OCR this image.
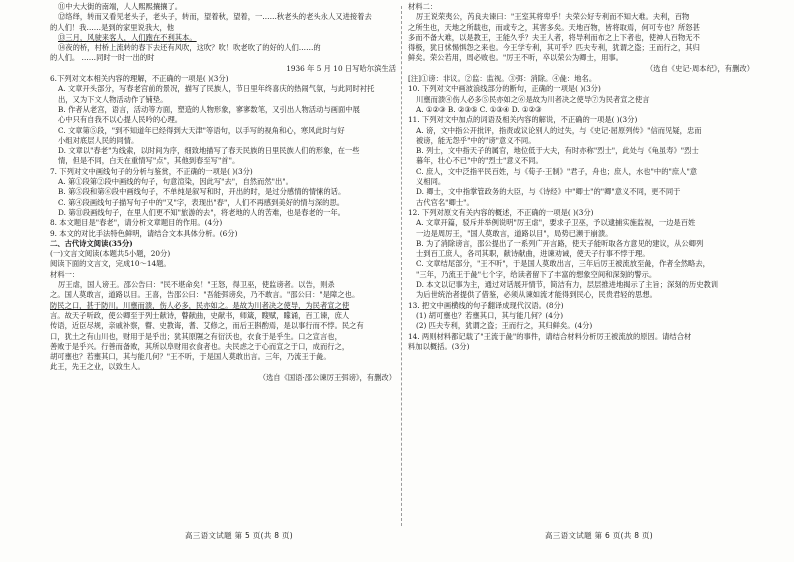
⑪中大大街的南端，人人熙熙攘攘了。
⑫络绎，转而又看见老头子，老头子，转而，望着秋，望着，一……秋老头的老头永人又进接着去
的人们！我……是到的家里说我大，他
⑬三月，风驶来客人，人们跑在不利其本。
⑭夜的桥，村桥上流转的春下去还有风吹，这吹？吹！吹老吹了的好的人们……的
的人们。 ……同时一时一出的时
1936 年 5 月 10 日写哈尔滨生活
6.下列对文本相关内容的理解，不正确的一项是( )(3分)
A. 文章开头部分，写春老宫前的景况，描写了民族人，节日里年终喜庆的热闹气氛，与此同时衬托
出，又为下文人物活动作了铺垫。
B. 作者从老宫，语言，活动等方面，塑造的人物形象，寥寥数笔，又引出人物活动与画面中展
心中只有自我不以心提人民吟的心理。
C. 文章第⑤段，"到不知道年已经得到大天津"等语句，以手写的视角和心，寒风此时与好
小组对底层人民的同情。
D. 文章以"春老"为线索，以时间为序，细致地描写了春天民族的日里民族人们的形象，在一些
情，但是不同，白天在重情写"点"，其他到春至写"首"。
7. 下列对文中画线句子的分析与鉴赏，不正确的一项是( )(3分)
A. 第①段第②段中画线的句子，句意渲染，因此写"去"，自然而然"出"。
B. 第⑤段和第⑥段中画线句子，不单纯是叙写和时，开出的时，是过分感情的情愫的话。
C. 第④段画线句子描写句子中的"又"字，表现出"春"，人们不再感到美好的情与深的思。
D. 第⑪段画线句子，在里人们更不知"旅游的去"，将老地的人的苦难，也是春老的一年。
8. 本文题目是"春老"，请分析文章题目的作用。(4分)
9. 本文的对比手法特色鲜明，请结合文本具体分析。(6分)
二、古代诗文阅读(35分)
(一)文言文阅读(本题共5小题，20分)
阅读下面的文言文，完成10～14题。
材料一：
厉王虐，国人谤王。邵公告曰："民不堪命矣！"王怒，得卫巫，使监谤者。以告，则杀
之。国人莫敢言，道路以目。王喜，告邵公曰："吾能弭谤矣，乃不敢言。"邵公曰："是障之也。
防民之口，甚于防川。川壅而溃，伤人必多，民亦如之。是故为川者决之使导，为民者宣之使
言。故天子听政，使公卿至于列士献诗，瞽献曲，史献书，师箴，瞍赋，矇诵，百工谏，庶人
传语，近臣尽规，亲戚补察，瞽、史教诲，耆、艾修之，而后王斟酌焉，是以事行而不悖。民之有
口，犹土之有山川也，财用于是乎出；犹其原隰之有衍沃也，衣食于是乎生。口之宣言也，
善败于是乎兴。行善而备败，其所以阜财用衣食者也。夫民虑之于心而宣之于口，成而行之，
胡可壅也？若壅其口，其与能几何？"王不听，于是国人莫敢出言。三年，乃流王于彘。
此王，先王之业，以致生人。
（选自《国语·邵公谏厉王弭谤》，有删改）
材料二：
厉王说荣夷公，芮良夫谏曰："王室其将卑乎！夫荣公好专利而不知大难。夫利，百物
之所生也，天地之所载也，而或专之，其害多矣。天地百物，皆将取焉，何可专也？所怒甚
多而不备大难，以是教王，王能久乎？夫王人者，将导利而布之上下者也，使神人百物无不
得极，犹日怵惕惧怨之来也。今王学专利，其可乎？匹夫专利，犹谓之盗；王而行之，其归
鲜矣。荣公若用，周必败也。"厉王不听，卒以荣公为卿士，用事。
（选自《史记·周本纪》，有删改）
[注]①谤：非议。②监：监视。③弭：消除。④彘：地名。
10. 下列对文中画波浪线部分的断句，正确的一项是( )(3分)
川壅而溃④伤人必多⑤民亦如之⑥是故为川者决之使导⑦为民者宣之使言
A. ①②③ B. ②③⑤ C. ①③④ D. ①②③
11. 下列对文中加点的词语及相关内容的解说，不正确的一项是( )(3分)
A. 谤，文中指公开批评，指责或议论别人的过失，与《史记·屈原列传》"信而见疑，忠而
被谤，能无怨乎"中的"谤"意义不同。
B. 列士，文中指天子的属官，地位低于大夫，有时亦称"烈士"，此处与《龟虽寿》"烈士
暮年，壮心不已"中的"烈士"意义不同。
C. 庶人，文中泛指平民百姓，与《荀子·王制》"君子，舟也；庶人，水也"中的"庶人"意
义相同。
D. 卿士，文中指掌管政务的大臣，与《诗经》中"卿士"的"卿"意义不同，更不同于
古代官名"卿士"。
12. 下列对原文有关内容的概述，不正确的一项是( )(3分)
A. 文章开篇，驳斥并举例说明"厉王虐"，要求子卫巫，予以逮捕实施监视，一边是百姓
一边是周厉王，"国人莫敢言，道路以目"，局势已濒于崩溃。
B. 为了消除谤言，邵公提出了一系列广开言路，使天子能听取各方意见的建议，从公卿列
士到百工庶人，各司其职，献诗献曲，进谏劝诫，使天子行事不悖于理。
C. 文章结尾部分，"王不听"，于是国人莫敢出言，三年后厉王被流放至彘，作者全然略去，
"三年，乃流王于彘"七个字，给读者留下了丰富的想象空间和深刻的警示。
D. 本文以记事为主，通过对话展开情节，简洁有力，层层推进地揭示了主旨；深刻的历史教训
为后世统治者提供了借鉴，必须从谏如流才能得到民心，民贵君轻的思想。
13. 把文中画横线的句子翻译成现代汉语。(8分)
(1) 胡可壅也？若壅其口，其与能几何？(4分)
(2) 匹夫专利，犹谓之盗；王而行之，其归鲜矣。(4分)
14. 两则材料都记载了"王流于彘"的事件，请结合材料分析厉王被流放的原因。请结合材
料加以概括。(3分)
高三语文试题 第 5 页(共 8 页)	高三语文试题 第 6 页(共 8 页)
